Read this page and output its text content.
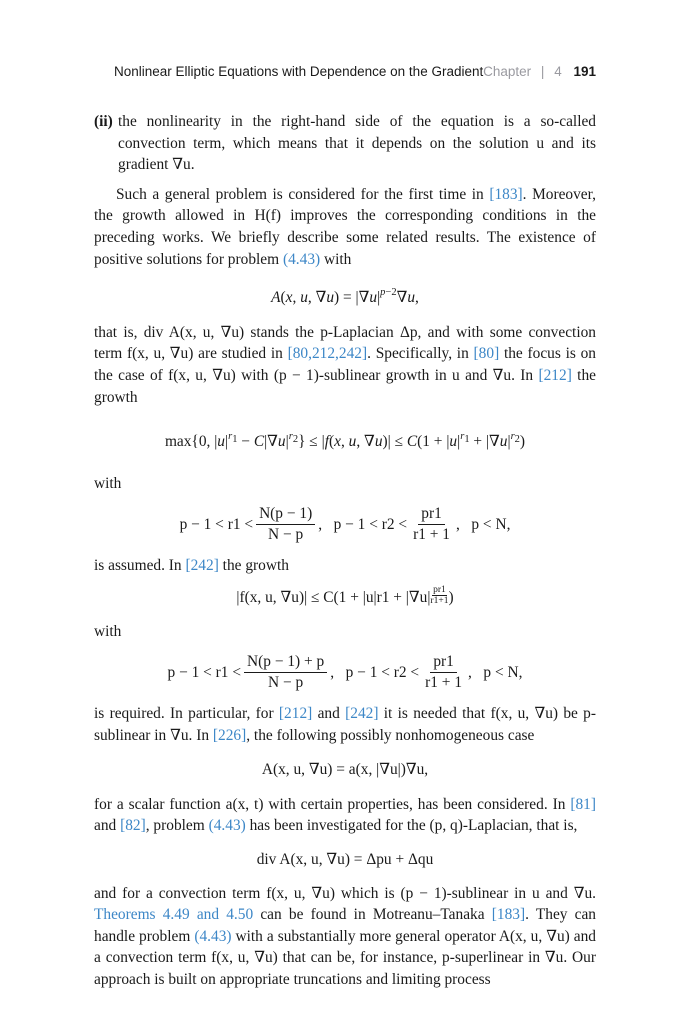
Nonlinear Elliptic Equations with Dependence on the Gradient Chapter | 4 191
(ii) the nonlinearity in the right-hand side of the equation is a so-called convection term, which means that it depends on the solution u and its gradient ∇u.

Such a general problem is considered for the first time in [183]. Moreover, the growth allowed in H(f) improves the corresponding conditions in the preceding works. We briefly describe some related results. The existence of positive solutions for problem (4.43) with

A(x, u, $\nabla u) = |\nabla u|^{p-2}\nabla u$,

that is, div A(x, u, ∇u) stands the p-Laplacian Δp, and with some convection term f(x, u, ∇u) are studied in [80,212,242]. Specifically, in [80] the focus is on the case of f(x, u, ∇u) with (p − 1)-sublinear growth in u and ∇u. In [212] the growth

max{0, $|u|^{r_1} - C|\nabla u|^{r_2}\} \le |f(x$, u, $\nabla u)| \le C(1 + |u|^{r_1} + |\nabla u|^{r_2})$

with

$p - 1 < r1 < \frac{N(p - 1)}{N - p}$ ,   $p - 1 < r2 < \frac{pr1}{r1 + 1}$ ,   p < N,

is assumed. In [242] the growth

|f(x, u, $\nabla u)| \le C(1 + |u|r1 + |\nabla u| \frac{pr1}{r1+1}$ )

with

$p - 1 < r1 < \frac{N(p - 1) + p}{N - p}$ ,   $p - 1 < r2 < \frac{pr1}{r1 + 1}$ ,   p < N,

is required. In particular, for [212] and [242] it is needed that f(x, u, ∇u) be p-sublinear in ∇u. In [226], the following possibly nonhomogeneous case

A(x, u, ∇u) = a(x, |∇u|)∇u,

for a scalar function a(x, t) with certain properties, has been considered. In [81] and [82], problem (4.43) has been investigated for the (p, q)-Laplacian, that is,

div A(x, u, ∇u) = Δpu + Δqu

and for a convection term f(x, u, ∇u) which is (p − 1)-sublinear in u and ∇u. Theorems 4.49 and 4.50 can be found in Motreanu–Tanaka [183]. They can handle problem (4.43) with a substantially more general operator A(x, u, ∇u) and a convection term f(x, u, ∇u) that can be, for instance, p-superlinear in ∇u. Our approach is built on appropriate truncations and limiting process
